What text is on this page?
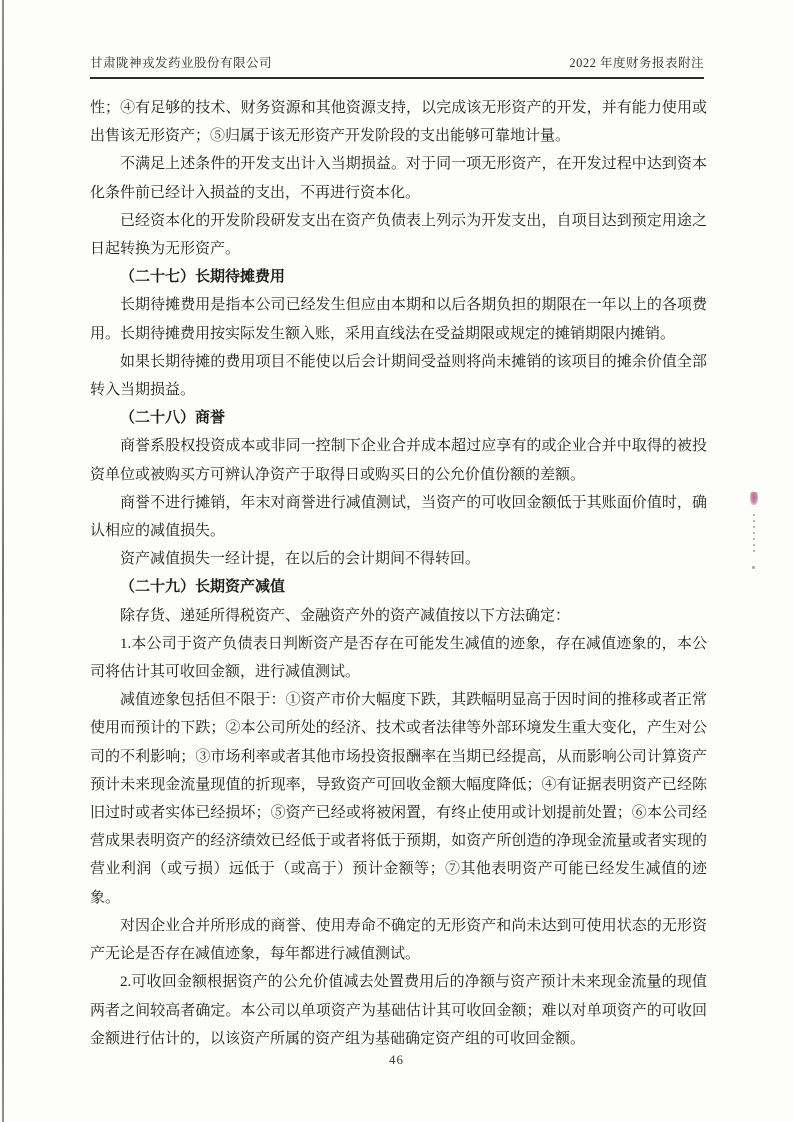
甘肃陇神戎发药业股份有限公司	2022 年度财务报表附注

性；④有足够的技术、财务资源和其他资源支持，以完成该无形资产的开发，并有能力使用或出售该无形资产；⑤归属于该无形资产开发阶段的支出能够可靠地计量。

不满足上述条件的开发支出计入当期损益。对于同一项无形资产，在开发过程中达到资本化条件前已经计入损益的支出，不再进行资本化。

已经资本化的开发阶段研发支出在资产负债表上列示为开发支出，自项目达到预定用途之日起转换为无形资产。

（二十七）长期待摊费用

长期待摊费用是指本公司已经发生但应由本期和以后各期负担的期限在一年以上的各项费用。长期待摊费用按实际发生额入账，采用直线法在受益期限或规定的摊销期限内摊销。

如果长期待摊的费用项目不能使以后会计期间受益则将尚未摊销的该项目的摊余价值全部转入当期损益。

（二十八）商誉

商誉系股权投资成本或非同一控制下企业合并成本超过应享有的或企业合并中取得的被投资单位或被购买方可辨认净资产于取得日或购买日的公允价值份额的差额。

商誉不进行摊销，年末对商誉进行减值测试，当资产的可收回金额低于其账面价值时，确认相应的减值损失。

资产减值损失一经计提，在以后的会计期间不得转回。

（二十九）长期资产减值

除存货、递延所得税资产、金融资产外的资产减值按以下方法确定：

1.本公司于资产负债表日判断资产是否存在可能发生减值的迹象，存在减值迹象的，本公司将估计其可收回金额，进行减值测试。

减值迹象包括但不限于：①资产市价大幅度下跌，其跌幅明显高于因时间的推移或者正常使用而预计的下跌；②本公司所处的经济、技术或者法律等外部环境发生重大变化，产生对公司的不利影响；③市场利率或者其他市场投资报酬率在当期已经提高，从而影响公司计算资产预计未来现金流量现值的折现率，导致资产可回收金额大幅度降低；④有证据表明资产已经陈旧过时或者实体已经损坏；⑤资产已经或将被闲置，有终止使用或计划提前处置；⑥本公司经营成果表明资产的经济绩效已经低于或者将低于预期，如资产所创造的净现金流量或者实现的营业利润（或亏损）远低于（或高于）预计金额等；⑦其他表明资产可能已经发生减值的迹象。

对因企业合并所形成的商誉、使用寿命不确定的无形资产和尚未达到可使用状态的无形资产无论是否存在减值迹象，每年都进行减值测试。

2.可收回金额根据资产的公允价值减去处置费用后的净额与资产预计未来现金流量的现值两者之间较高者确定。本公司以单项资产为基础估计其可收回金额；难以对单项资产的可收回金额进行估计的，以该资产所属的资产组为基础确定资产组的可收回金额。

46
